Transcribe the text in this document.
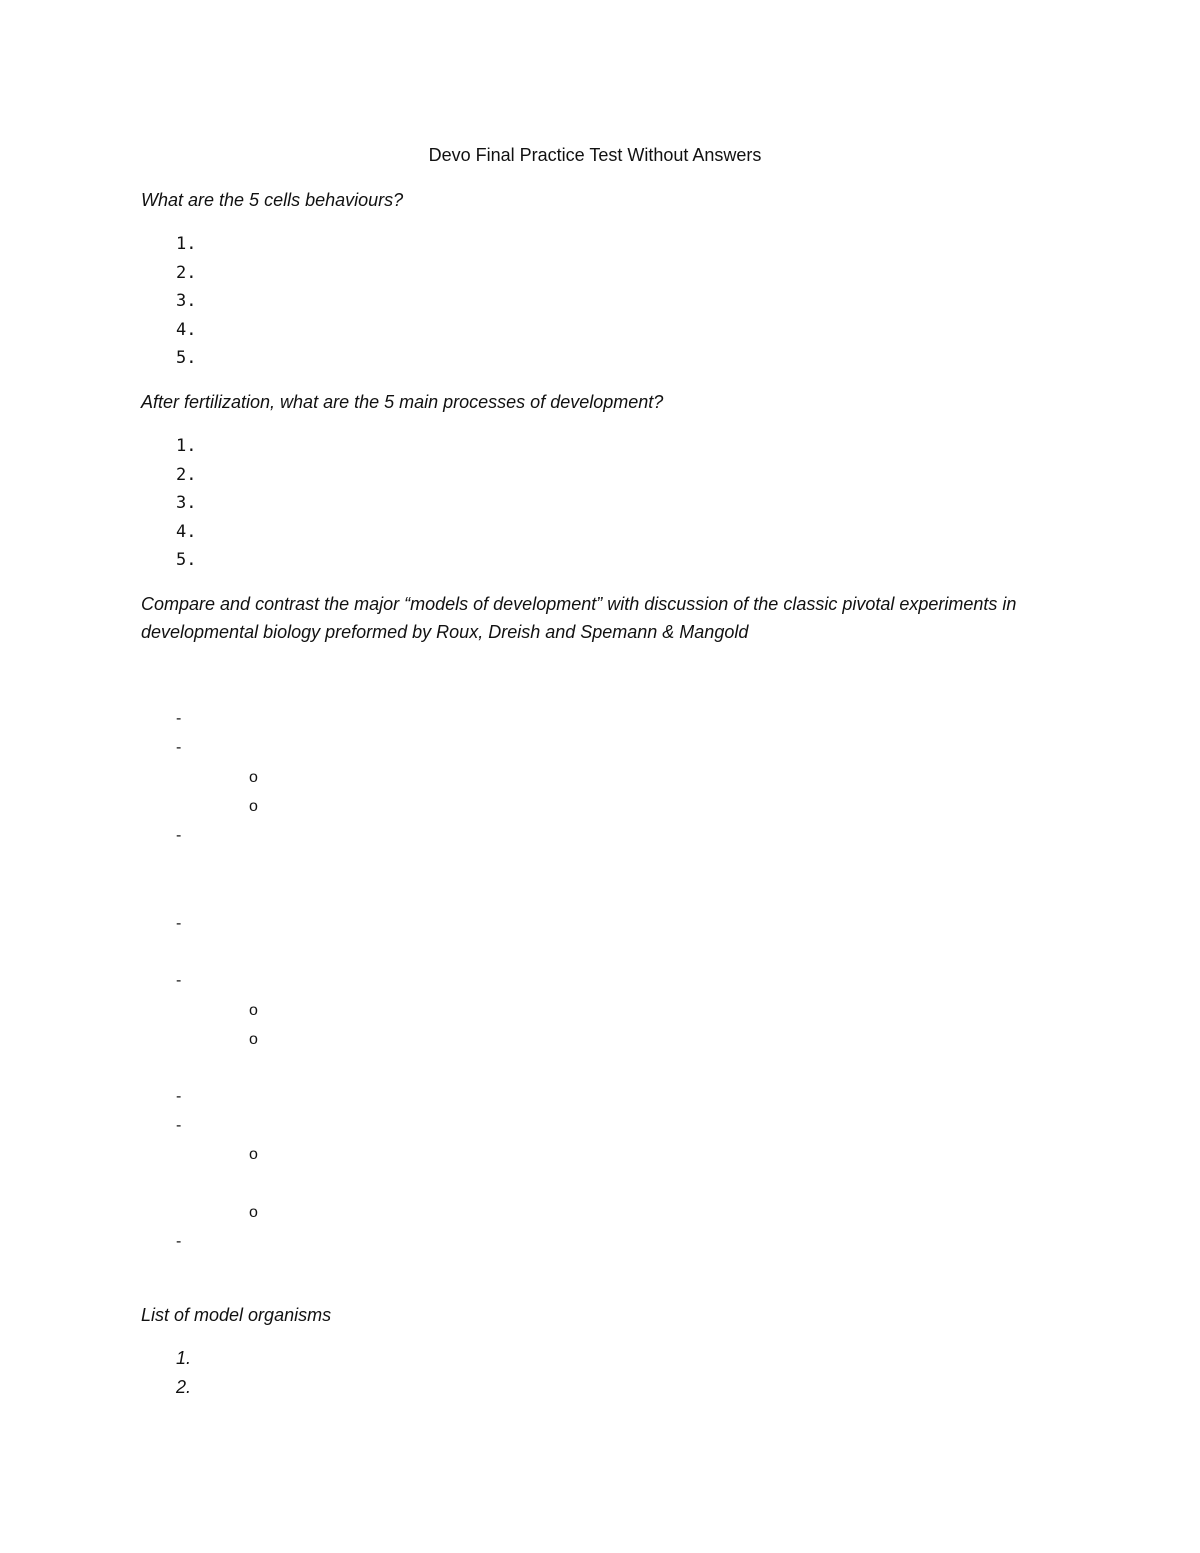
Devo Final Practice Test Without Answers
What are the 5 cells behaviours?
1.
2.
3.
4.
5.
After fertilization, what are the 5 main processes of development?
1.
2.
3.
4.
5.
Compare and contrast the major “models of development” with discussion of the classic pivotal experiments in developmental biology preformed by Roux, Dreish and Spemann & Mangold
-
-
o
o
-
-
-
o
o
-
-
o
o
-
List of model organisms
1.
2.
